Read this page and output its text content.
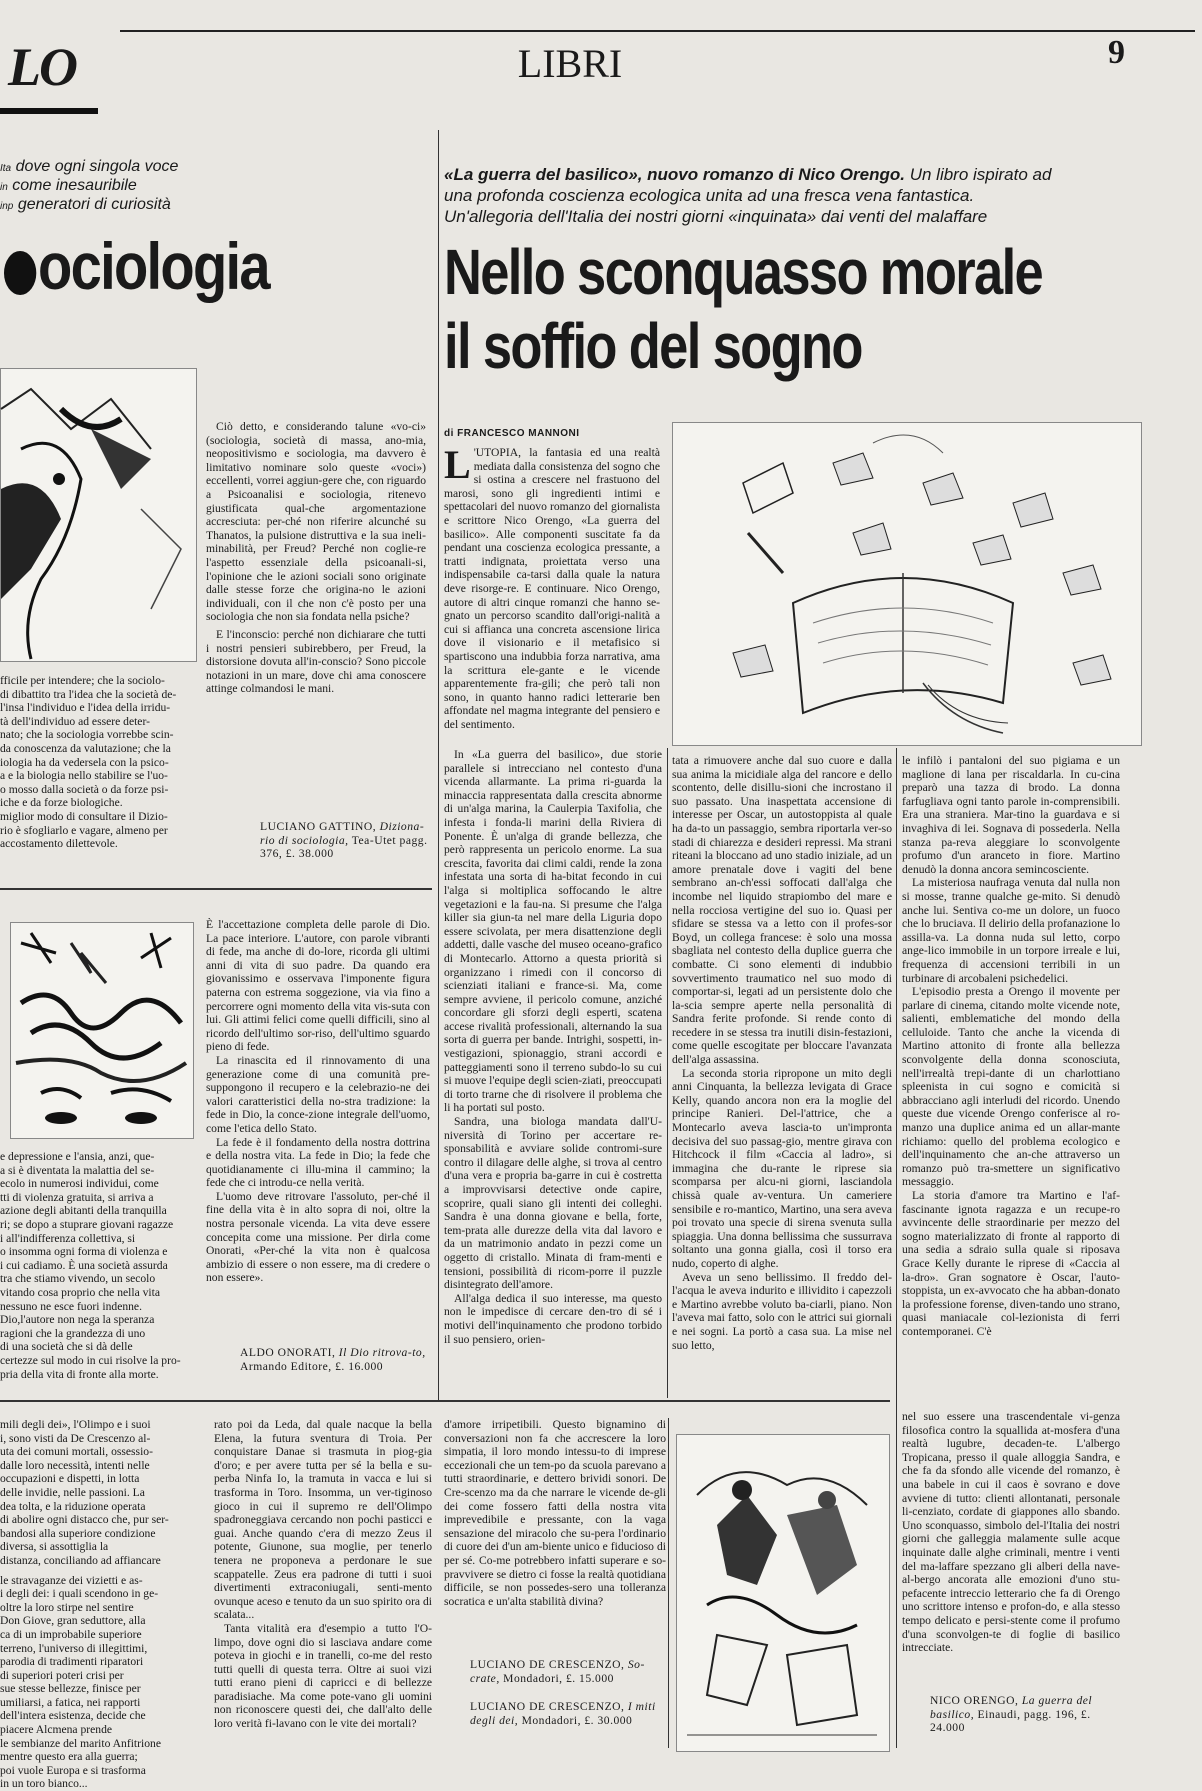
LO	LIBRI	9
Ita dove ogni singola voce
in come inesauribile
inp generatori di curiosità
ociologia
fficile per intendere; che la sociolo-
di dibattito tra l'idea che la società de-
l'insa l'individuo e l'idea della irridu-
tà dell'individuo ad essere deter-
nato; che la sociologia vorrebbe scin-
da conoscenza da valutazione; che la
iologia ha da vedersela con la psico-
a e la biologia nello stabilire se l'uo-
o mosso dalla società o da forze psi-
iche e da forze biologiche.
miglior modo di consultare il Dizio-
rio è sfogliarlo e vagare, almeno per
accostamento dilettevole.

Ciò detto, e considerando talune «vo-ci» (sociologia, società di massa, ano-mia, neopositivismo e sociologia, ma davvero è limitativo nominare solo queste «voci») eccellenti, vorrei aggiun-gere che, con riguardo a Psicoanalisi e sociologia, ritenevo giustificata qual-che argomentazione accresciuta: per-ché non riferire alcunché su Thanatos, la pulsione distruttiva e la sua ineli-minabilità, per Freud? Perché non coglie-re l'aspetto essenziale della psicoanali-si, l'opinione che le azioni sociali sono originate dalle stesse forze che origina-no le azioni individuali, con il che non c'è posto per una sociologia che non sia fondata nella psiche?

E l'inconscio: perché non dichiarare che tutti i nostri pensieri subirebbero, per Freud, la distorsione dovuta all'in-conscio? Sono piccole notazioni in un mare, dove chi ama conoscere attinge colmandosi le mani.

LUCIANO GATTINO, Diziona-rio di sociologia, Tea-Utet pagg. 376, £. 38.000
e depressione e l'ansia, anzi, que-
a si è diventata la malattia del se-
ecolo in numerosi individui, come
tti di violenza gratuita, si arriva a
azione degli abitanti della tranquilla
ri; se dopo a stuprare giovani ragazze
i all'indifferenza collettiva, si
o insomma ogni forma di violenza e
i cui cadiamo. È una società assurda
tra che stiamo vivendo, un secolo
vitando cosa proprio che nella vita
nessuno ne esce fuori indenne.
Dio,l'autore non nega la speranza
ragioni che la grandezza di uno
di una società che si dà delle
certezze sul modo in cui risolve la pro-
pria della vita di fronte alla morte.

È l'accettazione completa delle parole di Dio. La pace interiore. L'autore, con parole vibranti di fede, ma anche di do-lore, ricorda gli ultimi anni di vita di suo padre. Da quando era giovanissimo e osservava l'imponente figura paterna con estrema soggezione, via via fino a percorrere ogni momento della vita vis-suta con lui. Gli attimi felici come quelli difficili, sino al ricordo dell'ultimo sor-riso, dell'ultimo sguardo pieno di fede.

La rinascita ed il rinnovamento di una generazione come di una comunità pre-suppongono il recupero e la celebrazio-ne dei valori caratteristici della no-stra tradizione: la fede in Dio, la conce-zione integrale dell'uomo, come l'etica dello Stato.

La fede è il fondamento della nostra dottrina e della nostra vita. La fede in Dio; la fede che quotidianamente ci illu-mina il cammino; la fede che ci introdu-ce nella verità.

L'uomo deve ritrovare l'assoluto, per-ché il fine della vita è in alto sopra di noi, oltre la nostra personale vicenda. La vita deve essere concepita come una missione. Per dirla come Onorati, «Per-ché la vita non è qualcosa ambizio di essere o non essere, ma di credere o non essere».

ALDO ONORATI, Il Dio ritrova-to, Armando Editore, £. 16.000
mili degli dei», l'Olimpo e i suoi
i, sono visti da De Crescenzo al-
uta dei comuni mortali, ossessio-
dalle loro necessità, intenti nelle
occupazioni e dispetti, in lotta
delle invidie, nelle passioni. La
dea tolta, e la riduzione operata
di abolire ogni distacco che, pur ser-
bandosi alla superiore condizione
diversa, si assottiglia la
distanza, conciliando ad affiancare
le stravaganze dei vizietti e as-
i degli dei: i quali scendono in ge-
oltre la loro stirpe nel sentire
Don Giove, gran seduttore, alla
ca di un improbabile superiore
terreno, l'universo di illegittimi,
parodia di tradimenti riparatori
di superiori poteri crisi per
sue stesse bellezze, finisce per
umiliarsi, a fatica, nei rapporti
dell'intera esistenza, decide che
piacere Alcmena prende
le sembianze del marito Anfitrione
mentre questo era alla guerra;
poi vuole Europa e si trasforma
in un toro bianco...

rato poi da Leda, dal quale nacque la bella Elena, la futura sventura di Troia. Per conquistare Danae si trasmuta in piog-gia d'oro; e per avere tutta per sé la bella e su-perba Ninfa Io, la tramuta in vacca e lui si trasforma in Toro. Insomma, un ver-tiginoso gioco in cui il supremo re dell'Olimpo spadroneggiava cercando non pochi pasticci e guai. Anche quando c'era di mezzo Zeus il potente, Giunone, sua moglie, per tenerlo tenera ne proponeva a perdonare le sue scappatelle. Zeus era padrone di tutti i suoi divertimenti extraconiugali, senti-mento ovunque aceso e tenuto da un suo spirito ora di scalata...

Tanta vitalità era d'esempio a tutto l'O-limpo, dove ogni dio si lasciava andare come poteva in giochi e in tranelli, co-me del resto tutti quelli di questa terra. Oltre ai suoi vizi tutti erano pieni di capricci e di bellezze paradisiache. Ma come pote-vano gli uomini non riconoscere questi dei, che dall'alto delle loro verità fi-lavano con le vite dei mortali?

d'amore irripetibili. Questo bignamino di conversazioni non fa che accrescere la loro simpatia, il loro mondo intessu-to di imprese eccezionali che un tem-po da scuola parevano a tutti straordinarie, e dettero brividi sonori. De Cre-scenzo ma da che narrare le vicende de-gli dei come fossero fatti della nostra vita imprevedibile e pressante, con la vaga sensazione del miracolo che su-pera l'ordinario di cuore dei d'un am-biente unico e fiducioso di per sé. Co-me potrebbero infatti superare e so-pravvivere se dietro ci fosse la realtà quotidiana difficile, se non possedes-sero una tolleranza socratica e un'alta stabilità divina?

LUCIANO DE CRESCENZO, So-crate, Mondadori, £. 15.000
LUCIANO DE CRESCENZO, I miti degli dei, Mondadori, £. 30.000
«La guerra del basilico», nuovo romanzo di Nico Orengo. Un libro ispirato ad una profonda coscienza ecologica unita ad una fresca vena fantastica. Un'allegoria dell'Italia dei nostri giorni «inquinata» dai venti del malaffare
Nello sconquasso morale
il soffio del sogno
di FRANCESCO MANNONI
L 'UTOPIA, la fantasia ed una realtà mediata dalla consistenza del sogno che si ostina a crescere nel frastuono del marosi, sono gli ingredienti intimi e spettacolari del nuovo romanzo del giornalista e scrittore Nico Orengo, «La guerra del basilico». Alle componenti suscitate fa da pendant una coscienza ecologica pressante, a tratti indignata, proiettata verso una indispensabile ca-tarsi dalla quale la natura deve risorge-re. E continuare. Nico Orengo, autore di altri cinque romanzi che hanno se-gnato un percorso scandito dall'origi-nalità a cui si affianca una concreta ascensione lirica dove il visionario e il metafisico si spartiscono una indubbia forza narrativa, ama la scrittura ele-gante e le vicende apparentemente fra-gili; che però tali non sono, in quanto hanno radici letterarie ben affondate nel magma integrante del pensiero e del sentimento.

In «La guerra del basilico», due storie parallele si intrecciano nel contesto d'una vicenda allarmante. La prima ri-guarda la minaccia rappresentata dalla crescita abnorme di un'alga marina, la Caulerpia Taxifolia, che infesta i fonda-li marini della Riviera di Ponente. È un'alga di grande bellezza, che però rappresenta un pericolo enorme. La sua crescita, favorita dai climi caldi, rende la zona infestata una sorta di ha-bitat fecondo in cui l'alga si moltiplica soffocando le altre vegetazioni e la fau-na. Si presume che l'alga killer sia giun-ta nel mare della Liguria dopo essere scivolata, per mera disattenzione degli addetti, dalle vasche del museo oceano-grafico di Montecarlo. Attorno a questa priorità si organizzano i rimedi con il concorso di scienziati italiani e france-si. Ma, come sempre avviene, il pericolo comune, anziché concordare gli sforzi degli esperti, scatena accese rivalità professionali, alternando la sua sorta di guerra per bande. Intrighi, sospetti, in-vestigazioni, spionaggio, strani accordi e patteggiamenti sono il terreno subdo-lo su cui si muove l'equipe degli scien-ziati, preoccupati di torto trarne che di risolvere il problema che li ha portati sul posto.

Sandra, una biologa mandata dall'U-niversità di Torino per accertare re-sponsabilità e avviare solide contromi-sure contro il dilagare delle alghe, si trova al centro d'una vera e propria ba-garre in cui è costretta a improvvisarsi detective onde capire, scoprire, quali siano gli intenti dei colleghi. Sandra è una donna giovane e bella, forte, tem-prata alle durezze della vita dal lavoro e da un matrimonio andato in pezzi come un oggetto di cristallo. Minata di fram-menti e tensioni, possibilità di ricom-porre il puzzle disintegrato dell'amore.

All'alga dedica il suo interesse, ma questo non le impedisce di cercare den-tro di sé i motivi dell'inquinamento che prodono torbido il suo pensiero, orien-

tata a rimuovere anche dal suo cuore e dalla sua anima la micidiale alga del rancore e dello scontento, delle disillu-sioni che incrostano il suo passato. Una inaspettata accensione di interesse per Oscar, un autostoppista al quale ha da-to un passaggio, sembra riportarla ver-so stadi di chiarezza e desideri repressi. Ma strani riteani la bloccano ad uno stadio iniziale, ad un amore prenatale dove i vagiti del bene sembrano an-ch'essi soffocati dall'alga che incombe nel liquido strapiombo del mare e nella rocciosa vertigine del suo io. Quasi per sfidare se stessa va a letto con il profes-sor Boyd, un collega francese: è solo una mossa sbagliata nel contesto della duplice guerra che combatte. Ci sono elementi di indubbio sovvertimento traumatico nel suo modo di comportar-si, legati ad un persistente dolo che la-scia sempre aperte nella personalità di Sandra ferite profonde. Si rende conto di recedere in se stessa tra inutili disin-festazioni, come quelle escogitate per bloccare l'avanzata dell'alga assassina.

La seconda storia ripropone un mito degli anni Cinquanta, la bellezza levigata di Grace Kelly, quando ancora non era la moglie del principe Ranieri. Del-l'attrice, che a Montecarlo aveva lascia-to un'impronta decisiva del suo passag-gio, mentre girava con Hitchcock il film «Caccia al ladro», si immagina che du-rante le riprese sia scomparsa per alcu-ni giorni, lasciandola chissà quale av-ventura. Un cameriere sensibile e ro-mantico, Martino, una sera aveva poi trovato una specie di sirena svenuta sulla spiaggia. Una donna bellissima che sussurrava soltanto una gonna gialla, così il torso era nudo, coperto di alghe.

Aveva un seno bellissimo. Il freddo del-l'acqua le aveva indurito e illividito i capezzoli e Martino avrebbe voluto ba-ciarli, piano. Non l'aveva mai fatto, solo con le attrici sui giornali e nei sogni. La portò a casa sua. La mise nel suo letto,

le infilò i pantaloni del suo pigiama e un maglione di lana per riscaldarla. In cu-cina preparò una tazza di brodo. La donna farfugliava ogni tanto parole in-comprensibili. Era una straniera. Mar-tino la guardava e si invaghiva di lei. Sognava di possederla. Nella stanza pa-reva aleggiare lo sconvolgente profumo d'un aranceto in fiore. Martino denudò la donna ancora semincosciente.

La misteriosa naufraga venuta dal nulla non si mosse, tranne qualche ge-mito. Si denudò anche lui. Sentiva co-me un dolore, un fuoco che lo bruciava. Il delirio della profanazione lo assilla-va. La donna nuda sul letto, corpo ange-lico immobile in un torpore irreale e lui, frequenza di accensioni terribili in un turbinare di arcobaleni psichedelici.

L'episodio presta a Orengo il movente per parlare di cinema, citando molte vicende note, salienti, emblematiche del mondo della celluloide. Tanto che anche la vicenda di Martino attonito di fronte alla bellezza sconvolgente della donna sconosciuta, nell'irrealtà trepi-dante di un charlottiano spleenista in cui sogno e comicità si abbracciano agli interludi del ricordo. Unendo queste due vicende Orengo conferisce al ro-manzo una duplice anima ed un allar-mante richiamo: quello del problema ecologico e dell'inquinamento che an-che attraverso un romanzo può tra-smettere un significativo messaggio.

La storia d'amore tra Martino e l'af-fascinante ignota ragazza e un recupe-ro avvincente delle straordinarie per mezzo del sogno materializzato di fronte al rapporto di una sedia a sdraio sulla quale si riposava Grace Kelly durante le riprese di «Caccia al la-dro». Gran sognatore è Oscar, l'auto-stoppista, un ex-avvocato che ha abban-donato la professione forense, diven-tando uno strano, quasi maniacale col-lezionista di ferri contemporanei. C'è

nel suo essere una trascendentale vi-genza filosofica contro la squallida at-mosfera d'una realtà lugubre, decaden-te. L'albergo Tropicana, presso il quale alloggia Sandra, e che fa da sfondo alle vicende del romanzo, è una babele in cui il caos è sovrano e dove avviene di tutto: clienti allontanati, personale li-cenziato, cordate di giappones allo sbando. Uno sconquasso, simbolo del-l'Italia dei nostri giorni che galleggia malamente sulle acque inquinate dalle alghe criminali, mentre i venti del ma-laffare spezzano gli alberi della nave-al-bergo ancorata alle emozioni d'uno stu-pefacente intreccio letterario che fa di Orengo uno scrittore intenso e profon-do, e alla stesso tempo delicato e persi-stente come il profumo d'una sconvolgen-te di foglie di basilico intrecciate.

NICO ORENGO, La guerra del basilico, Einaudi, pagg. 196, £. 24.000
